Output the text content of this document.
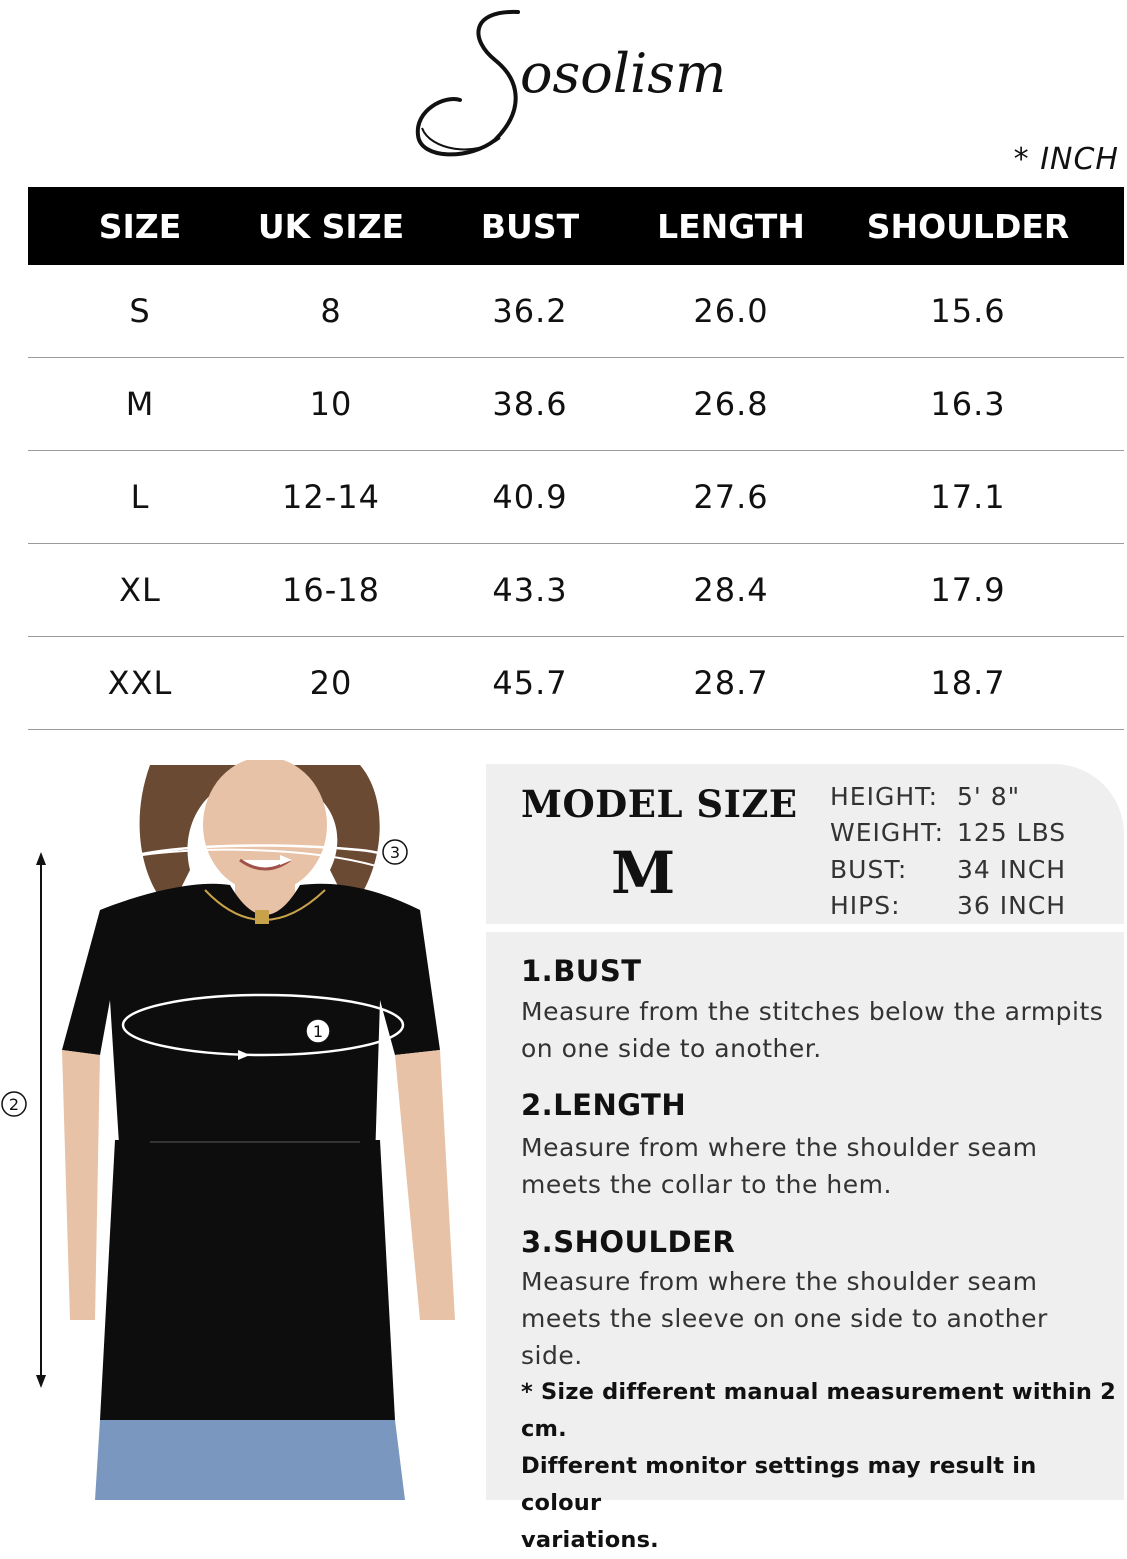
osolism
* INCH
SIZE	UK SIZE	BUST	LENGTH	SHOULDER
S	8	36.2	26.0	15.6
M	10	38.6	26.8	16.3
L	12-14	40.9	27.6	17.1
XL	16-18	43.3	28.4	17.9
XXL	20	45.7	28.7	18.7
3
1
2
MODEL SIZE
M
HEIGHT: 5' 8"
WEIGHT: 125 LBS
BUST:	34 INCH
HIPS:	36 INCH
1.BUST
Measure from the stitches below the armpits
on one side to another.
2.LENGTH
Measure from where the shoulder seam
meets the collar to the hem.
3.SHOULDER
Measure from where the shoulder seam
meets the sleeve on one side to another side.
* Size different manual measurement within 2 cm.
Different monitor settings may result in colour
variations.
